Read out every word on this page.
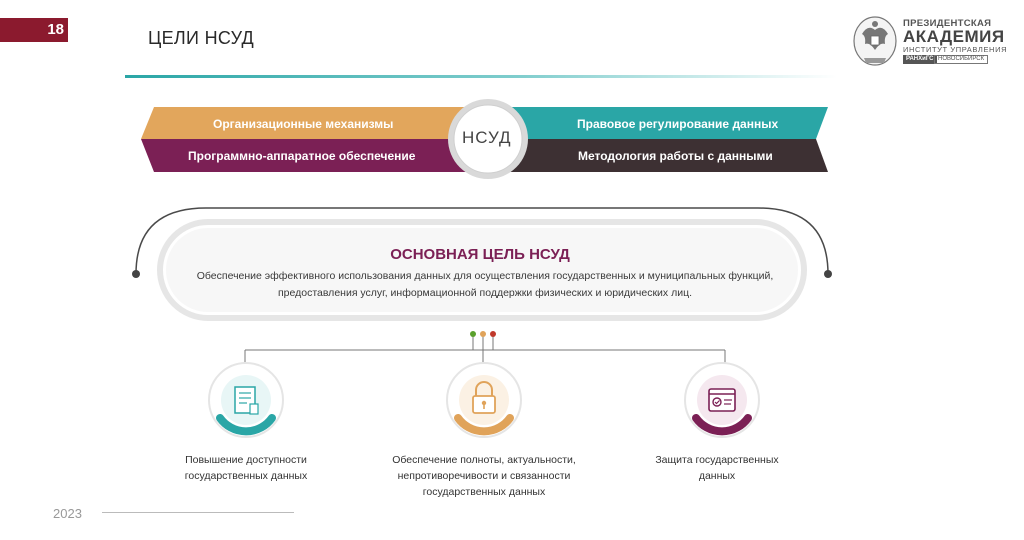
18	ЦЕЛИ НСУД
ПРЕЗИДЕНТСКАЯ
АКАДЕМИЯ
ИНСТИТУТ УПРАВЛЕНИЯ
РАНХиГС НОВОСИБИРСК
Организационные механизмы
Программно-аппаратное обеспечение
Правовое регулирование данных
Методология работы с данными
НСУД
ОСНОВНАЯ ЦЕЛЬ НСУД
Обеспечение эффективного использования данных для осуществления государственных и муниципальных функций, предоставления услуг, информационной поддержки физических и юридических лиц.
Повышение доступности государственных данных
Обеспечение полноты, актуальности, непротиворечивости и связанности государственных данных
Защита государственных данных
2023
